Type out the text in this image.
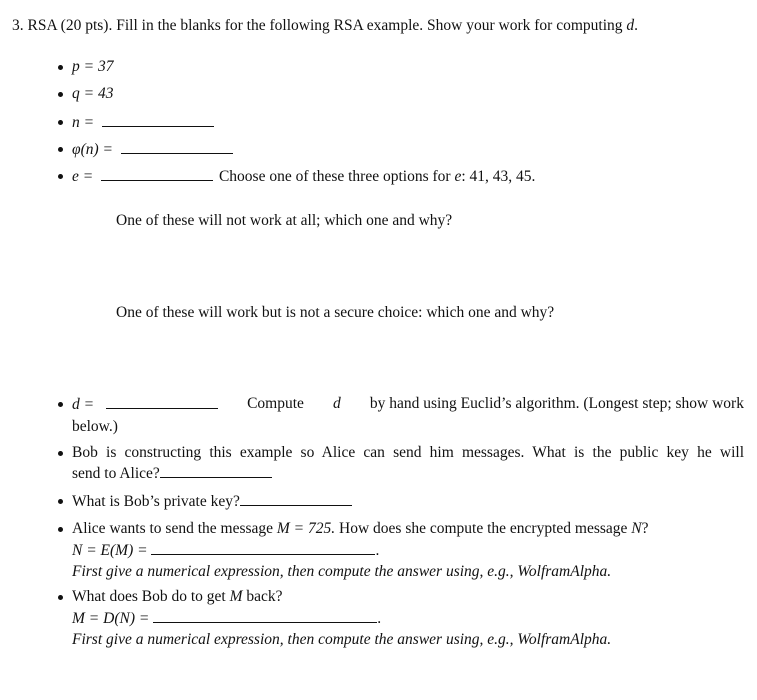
3. RSA (20 pts). Fill in the blanks for the following RSA example. Show your work for computing d.
p = 37
q = 43
n =
φ(n) =
e =	Choose one of these three options for e: 41, 43, 45.
One of these will not work at all; which one and why?
One of these will work but is not a secure choice: which one and why?
d =	Compute d by hand using Euclid’s algorithm. (Longest step; show work
below.)
Bob is constructing this example so Alice can send him messages. What is the public key he will
send to Alice?
What is Bob’s private key?
Alice wants to send the message M = 725. How does she compute the encrypted message N?
N = E(M) =	.
First give a numerical expression, then compute the answer using, e.g., WolframAlpha.
What does Bob do to get M back?
M = D(N) =	.
First give a numerical expression, then compute the answer using, e.g., WolframAlpha.
